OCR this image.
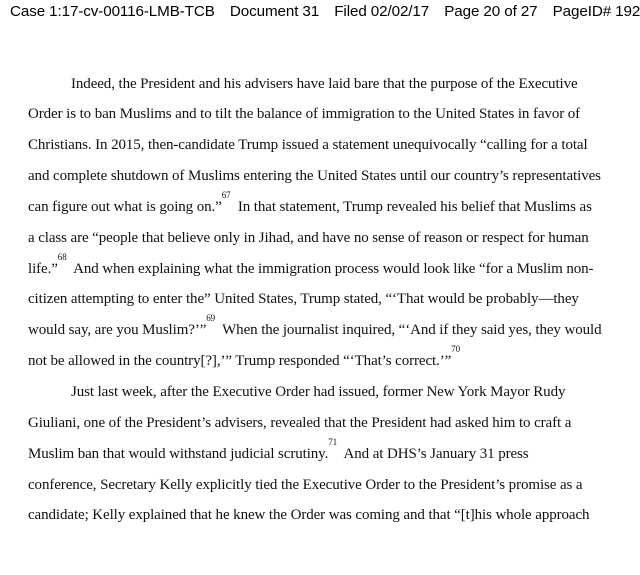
Case 1:17-cv-00116-LMB-TCB Document 31 Filed 02/02/17 Page 20 of 27 PageID# 192
Indeed, the President and his advisers have laid bare that the purpose of the Executive
Order is to ban Muslims and to tilt the balance of immigration to the United States in favor of
Christians. In 2015, then-candidate Trump issued a statement unequivocally “calling for a total
and complete shutdown of Muslims entering the United States until our country’s representatives
can figure out what is going on.”$^{67}$  In that statement, Trump revealed his belief that Muslims as
a class are “people that believe only in Jihad, and have no sense of reason or respect for human
life.”$^{68}$  And when explaining what the immigration process would look like “for a Muslim non-
citizen attempting to enter the” United States, Trump stated, “‘That would be probably—they
would say, are you Muslim?’”$^{69}$  When the journalist inquired, “‘And if they said yes, they would
not be allowed in the country[?],’” Trump responded “‘That’s correct.’”$^{70}$
Just last week, after the Executive Order had issued, former New York Mayor Rudy
Giuliani, one of the President’s advisers, revealed that the President had asked him to craft a
Muslim ban that would withstand judicial scrutiny.$^{71}$  And at DHS’s January 31 press
conference, Secretary Kelly explicitly tied the Executive Order to the President’s promise as a
candidate; Kelly explained that he knew the Order was coming and that “[t]his whole approach
